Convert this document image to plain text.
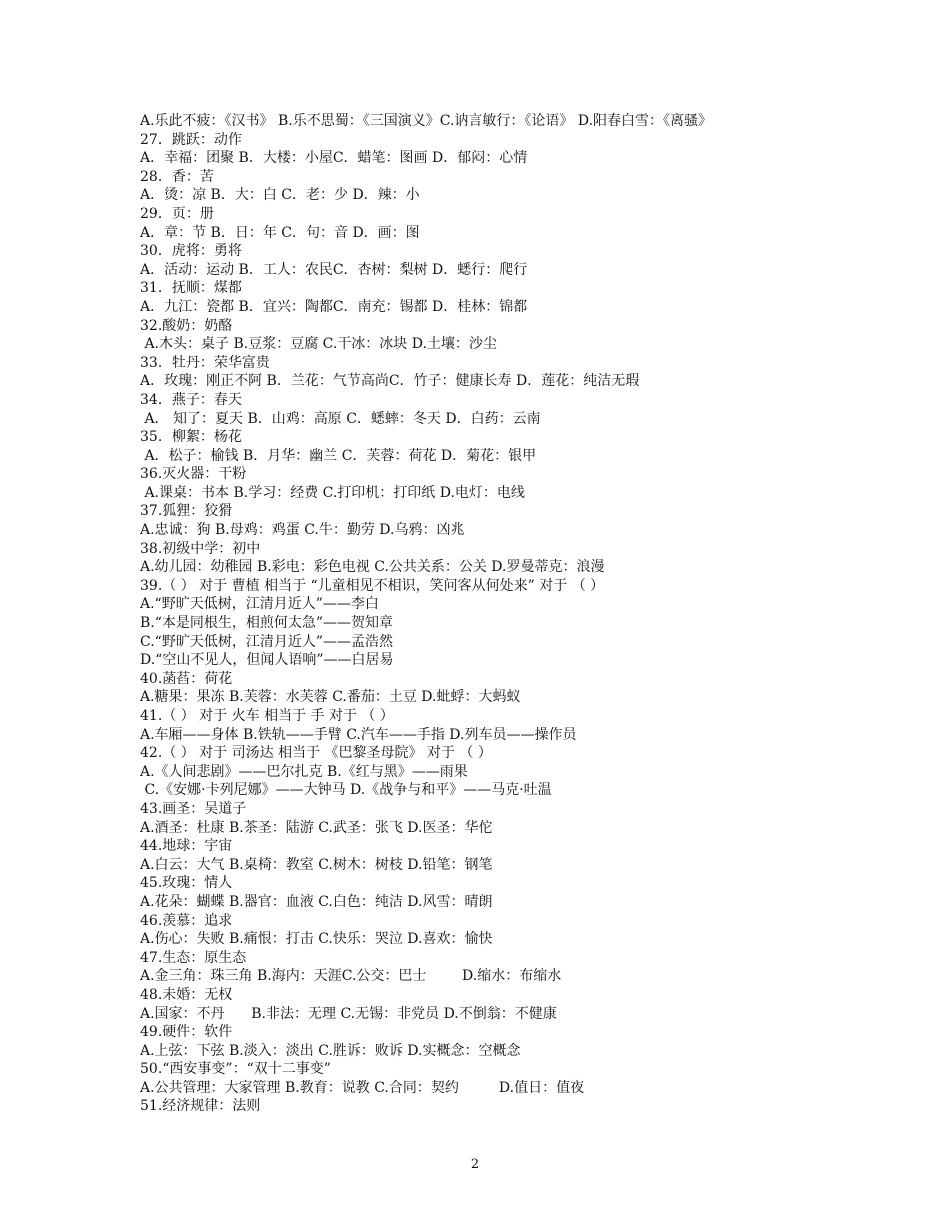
A.乐此不疲：《汉书》 B.乐不思蜀：《三国演义》C.讷言敏行：《论语》 D.阳春白雪：《离骚》
27．跳跃：动作
A．幸福：团聚 B．大楼：小屋C．蜡笔：图画 D．郁闷：心情
28．香：苦
A．烫：凉 B．大：白 C．老：少 D．辣：小
29．页：册
A．章：节 B．日：年 C．句：音 D．画：图
30．虎将：勇将
A．活动：运动 B．工人：农民C．杏树：梨树 D．蟋行：爬行
31．抚顺：煤都
A．九江：瓷都 B．宜兴：陶都C．南充：锡都 D．桂林：锦都
32.酸奶：奶酪
A.木头：桌子 B.豆浆：豆腐 C.干冰：冰块 D.土壤：沙尘
33．牡丹：荣华富贵
A．玫瑰：刚正不阿 B．兰花：气节高尚C．竹子：健康长寿 D．莲花：纯洁无瑕
34．燕子：春天
A． 知了：夏天 B．山鸡：高原 C．蟋蟀：冬天 D．白药：云南
35．柳絮：杨花
A．松子：榆钱 B．月华：幽兰 C．芙蓉：荷花 D．菊花：银甲
36.灭火器：干粉
A.课桌：书本 B.学习：经费 C.打印机：打印纸 D.电灯：电线
37.狐狸：狡猾
A.忠诚：狗 B.母鸡：鸡蛋 C.牛：勤劳 D.乌鸦：凶兆
38.初级中学：初中
A.幼儿园：幼稚园 B.彩电：彩色电视 C.公共关系：公关 D.罗曼蒂克：浪漫
39.（ ） 对于 曹植 相当于 “儿童相见不相识，笑问客从何处来” 对于 （ ）
A.“野旷天低树，江清月近人”——李白
B.“本是同根生，相煎何太急”——贺知章
C.“野旷天低树，江清月近人”——孟浩然
D.“空山不见人，但闻人语响”——白居易
40.菡萏：荷花
A.糖果：果冻 B.芙蓉：水芙蓉 C.番茄：土豆 D.蚍蜉：大蚂蚁
41.（ ） 对于 火车 相当于 手 对于 （ ）
A.车厢——身体 B.铁轨——手臂 C.汽车——手指 D.列车员——操作员
42.（ ） 对于 司汤达 相当于 《巴黎圣母院》 对于 （ ）
A.《人间悲剧》——巴尔扎克 B.《红与黑》——雨果
C.《安娜·卡列尼娜》——大钟马 D.《战争与和平》——马克·吐温
43.画圣：吴道子
A.酒圣：杜康 B.茶圣：陆游 C.武圣：张飞 D.医圣：华佗
44.地球：宇宙
A.白云：大气 B.桌椅：教室 C.树木：树枝 D.铅笔：钢笔
45.玫瑰：情人
A.花朵：蝴蝶 B.器官：血液 C.白色：纯洁 D.风雪：晴朗
46.羡慕：追求
A.伤心：失败 B.痛恨：打击 C.快乐：哭泣 D.喜欢：愉快
47.生态：原生态
A.金三角：珠三角 B.海内：天涯C.公交：巴士        D.缩水：布缩水
48.未婚：无权
A.国家：不丹      B.非法：无理 C.无锡：非党员 D.不倒翁：不健康
49.硬件：软件
A.上弦：下弦 B.淡入：淡出 C.胜诉：败诉 D.实概念：空概念
50.“西安事变”：“双十二事变”
A.公共管理：大家管理 B.教育：说教 C.合同：契约         D.值日：值夜
51.经济规律：法则
2
